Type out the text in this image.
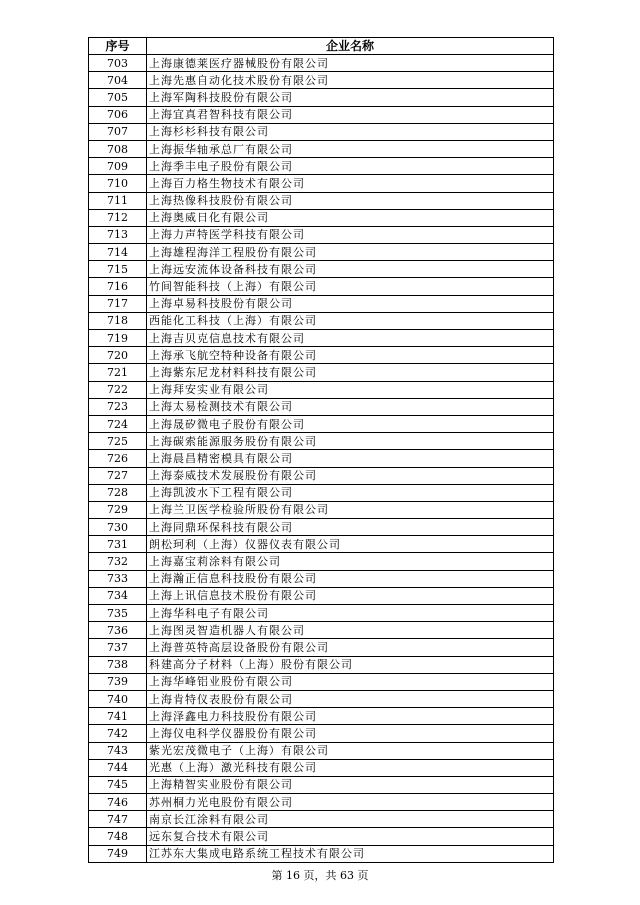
序号	企业名称
703	上海康德莱医疗器械股份有限公司
704	上海先惠自动化技术股份有限公司
705	上海军陶科技股份有限公司
706	上海宜真君智科技有限公司
707	上海杉杉科技有限公司
708	上海振华轴承总厂有限公司
709	上海季丰电子股份有限公司
710	上海百力格生物技术有限公司
711	上海热像科技股份有限公司
712	上海奥威日化有限公司
713	上海力声特医学科技有限公司
714	上海雄程海洋工程股份有限公司
715	上海远安流体设备科技有限公司
716	竹间智能科技（上海）有限公司
717	上海卓易科技股份有限公司
718	西能化工科技（上海）有限公司
719	上海吉贝克信息技术有限公司
720	上海承飞航空特种设备有限公司
721	上海紫东尼龙材料科技有限公司
722	上海拜安实业有限公司
723	上海太易检测技术有限公司
724	上海晟矽微电子股份有限公司
725	上海碳索能源服务股份有限公司
726	上海晨昌精密模具有限公司
727	上海泰威技术发展股份有限公司
728	上海凯波水下工程有限公司
729	上海兰卫医学检验所股份有限公司
730	上海同鼎环保科技有限公司
731	朗松珂利（上海）仪器仪表有限公司
732	上海嘉宝莉涂料有限公司
733	上海瀚正信息科技股份有限公司
734	上海上讯信息技术股份有限公司
735	上海华科电子有限公司
736	上海图灵智造机器人有限公司
737	上海普英特高层设备股份有限公司
738	科建高分子材料（上海）股份有限公司
739	上海华峰铝业股份有限公司
740	上海肯特仪表股份有限公司
741	上海泽鑫电力科技股份有限公司
742	上海仪电科学仪器股份有限公司
743	紫光宏茂微电子（上海）有限公司
744	光惠（上海）激光科技有限公司
745	上海精智实业股份有限公司
746	苏州桐力光电股份有限公司
747	南京长江涂料有限公司
748	远东复合技术有限公司
749	江苏东大集成电路系统工程技术有限公司
第 16 页，共 63 页
